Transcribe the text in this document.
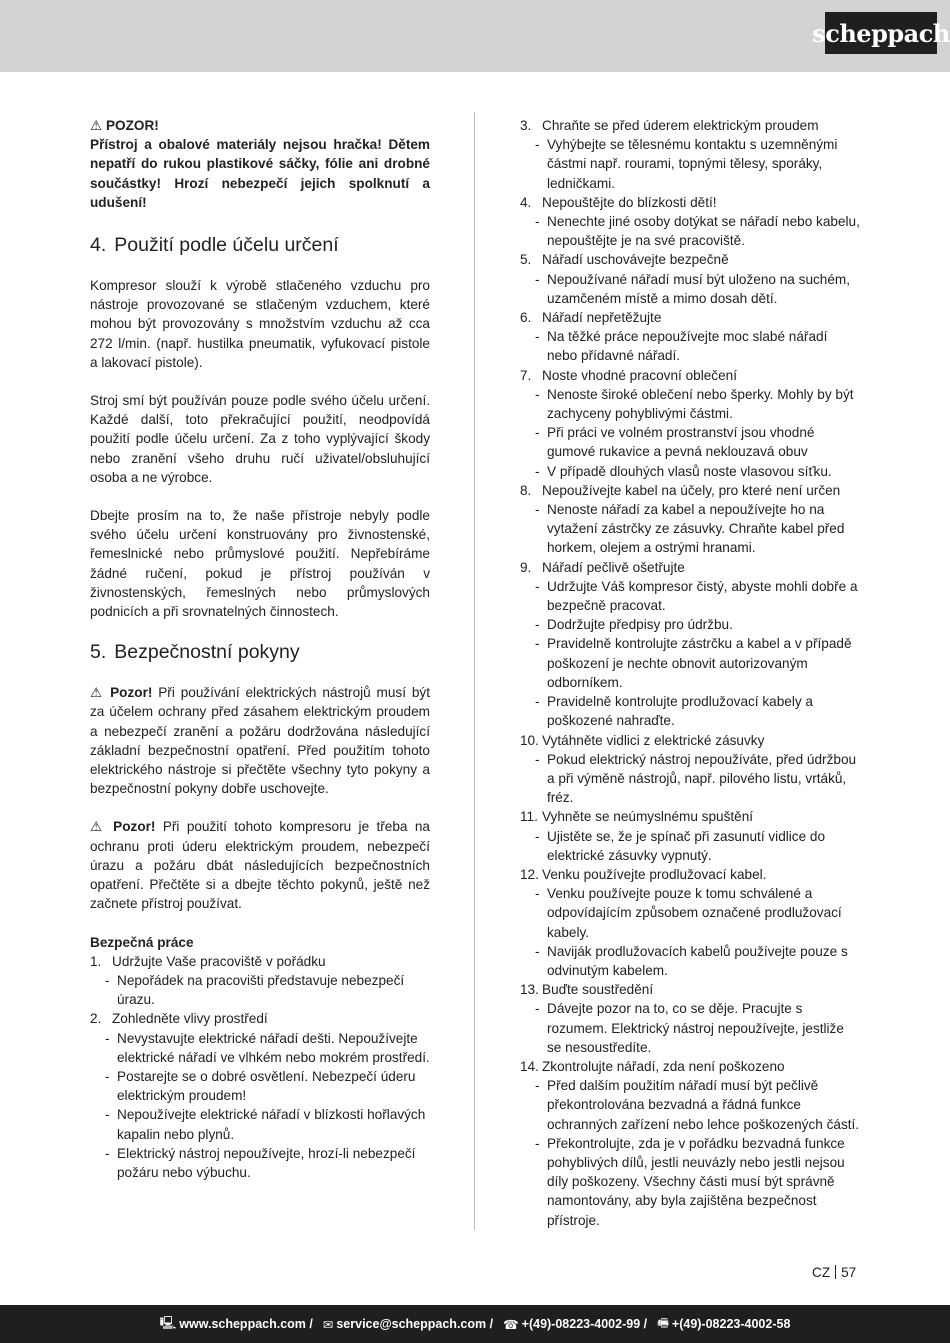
scheppach

⚠ POZOR!

Přístroj a obalové materiály nejsou hračka! Dětem nepatří do rukou plastikové sáčky, fólie ani drobné součástky! Hrozí nebezpečí jejich spolknutí a udušení!

4. Použití podle účelu určení

Kompresor slouží k výrobě stlačeného vzduchu pro nástroje provozované se stlačeným vzduchem, které mohou být provozovány s množstvím vzduchu až cca 272 l/min. (např. hustilka pneumatik, vyfukovací pistole a lakovací pistole).

Stroj smí být používán pouze podle svého účelu určení. Každé další, toto překračující použití, neodpovídá použití podle účelu určení. Za z toho vyplývající škody nebo zranění všeho druhu ručí uživatel/obsluhující osoba a ne výrobce.

Dbejte prosím na to, že naše přístroje nebyly podle svého účelu určení konstruovány pro živnostenské, řemeslnické nebo průmyslové použití. Nepřebíráme žádné ručení, pokud je přístroj používán v živnostenských, řemeslných nebo průmyslových podnicích a při srovnatelných činnostech.

5. Bezpečnostní pokyny

⚠ Pozor! Při používání elektrických nástrojů musí být za účelem ochrany před zásahem elektrickým proudem a nebezpečí zranění a požáru dodržována následující základní bezpečnostní opatření. Před použitím tohoto elektrického nástroje si přečtěte všechny tyto pokyny a bezpečnostní pokyny dobře uschovejte.

⚠ Pozor! Při použití tohoto kompresoru je třeba na ochranu proti úderu elektrickým proudem, nebezpečí úrazu a požáru dbát následujících bezpečnostních opatření. Přečtěte si a dbejte těchto pokynů, ještě než začnete přístroj používat.

Bezpečná práce

1. Udržujte Vaše pracoviště v pořádku
- Nepořádek na pracovišti představuje nebezpečí úrazu.
2. Zohledněte vlivy prostředí
- Nevystavujte elektrické nářadí dešti. Nepoužívejte elektrické nářadí ve vlhkém nebo mokrém prostředí.
- Postarejte se o dobré osvětlení. Nebezpečí úderu elektrickým proudem!
- Nepoužívejte elektrické nářadí v blízkosti hořlavých kapalin nebo plynů.
- Elektrický nástroj nepoužívejte, hrozí-li nebezpečí požáru nebo výbuchu.
3. Chraňte se před úderem elektrickým proudem
- Vyhýbejte se tělesnému kontaktu s uzemněnými částmi např. rourami, topnými tělesy, sporáky, ledničkami.
4. Nepouštějte do blízkosti dětí!
- Nenechte jiné osoby dotýkat se nářadí nebo kabelu, nepouštějte je na své pracoviště.
5. Nářadí uschovávejte bezpečně
- Nepoužívané nářadí musí být uloženo na suchém, uzamčeném místě a mimo dosah dětí.
6. Nářadí nepřetěžujte
- Na těžké práce nepoužívejte moc slabé nářadí nebo přídavné nářadí.
7. Noste vhodné pracovní oblečení
- Nenoste široké oblečení nebo šperky. Mohly by být zachyceny pohyblivými částmi.
- Při práci ve volném prostranství jsou vhodné gumové rukavice a pevná neklouzavá obuv
- V případě dlouhých vlasů noste vlasovou síťku.
8. Nepoužívejte kabel na účely, pro které není určen
- Nenoste nářadí za kabel a nepoužívejte ho na vytažení zástrčky ze zásuvky. Chraňte kabel před horkem, olejem a ostrými hranami.
9. Nářadí pečlivě ošetřujte
- Udržujte Váš kompresor čistý, abyste mohli dobře a bezpečně pracovat.
- Dodržujte předpisy pro údržbu.
- Pravidelně kontrolujte zástrčku a kabel a v případě poškození je nechte obnovit autorizovaným odborníkem.
- Pravidelně kontrolujte prodlužovací kabely a poškozené nahraďte.
10. Vytáhněte vidlici z elektrické zásuvky
- Pokud elektrický nástroj nepoužíváte, před údržbou a při výměně nástrojů, např. pilového listu, vrtáků, fréz.
11. Vyhněte se neúmyslnému spuštění
- Ujistěte se, že je spínač při zasunutí vidlice do elektrické zásuvky vypnutý.
12. Venku používejte prodlužovací kabel.
- Venku používejte pouze k tomu schválené a odpovídajícím způsobem označené prodlužovací kabely.
- Naviják prodlužovacích kabelů používejte pouze s odvinutým kabelem.
13. Buďte soustředění
- Dávejte pozor na to, co se děje. Pracujte s rozumem. Elektrický nástroj nepoužívejte, jestliže se nesoustředíte.
14. Zkontrolujte nářadí, zda není poškozeno
- Před dalším použitím nářadí musí být pečlivě překontrolována bezvadná a řádná funkce ochranných zařízení nebo lehce poškozených částí.
- Překontrolujte, zda je v pořádku bezvadná funkce pohyblivých dílů, jestli neuvázly nebo jestli nejsou díly poškozeny. Všechny části musí být správně namontovány, aby byla zajištěna bezpečnost přístroje.
CZ 57
🖳 www.scheppach.com / ✉ service@scheppach.com / ☎ +(49)-08223-4002-99 / 🖷 +(49)-08223-4002-58
